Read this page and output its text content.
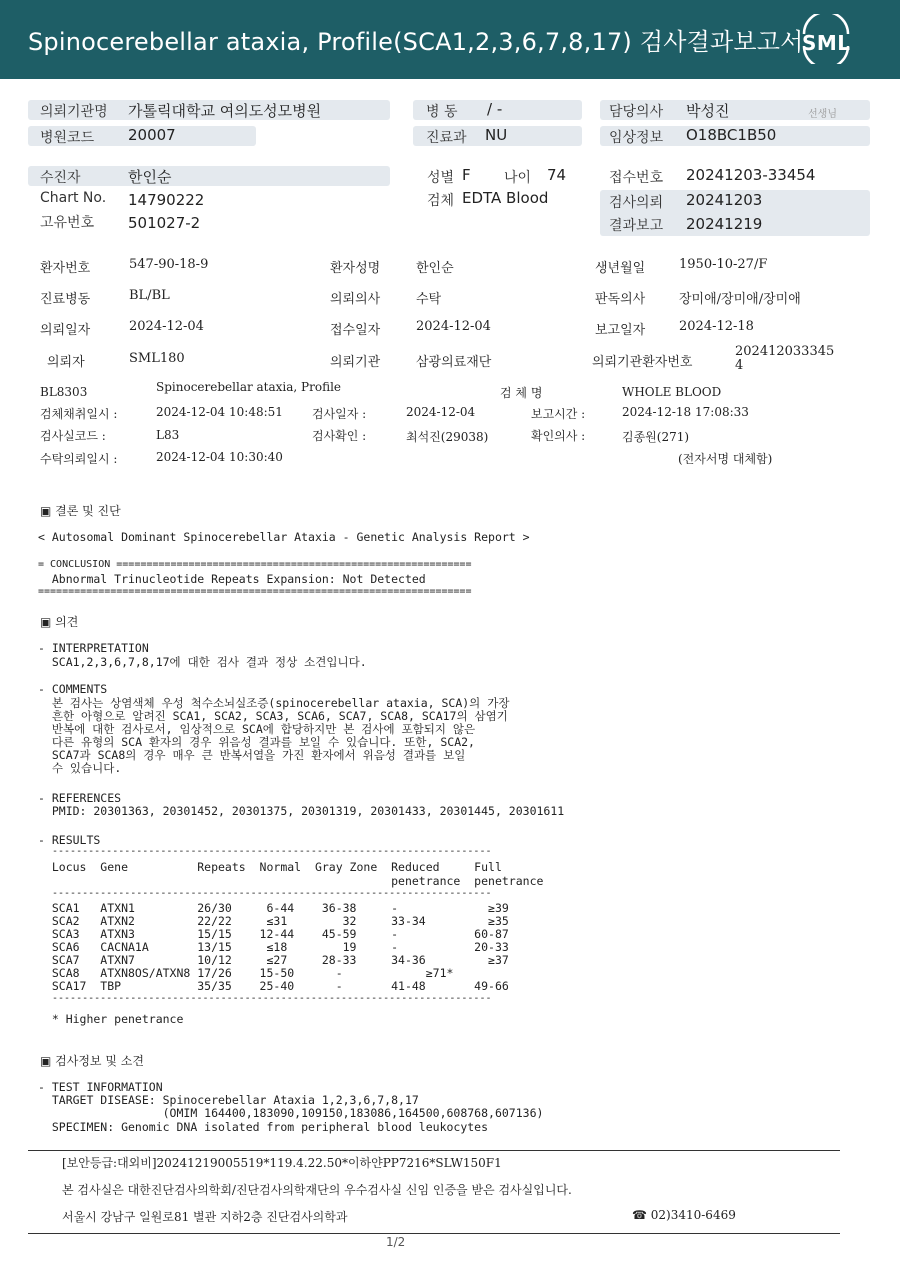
Spinocerebellar ataxia, Profile(SCA1,2,3,6,7,8,17) 검사결과보고서
SML
의뢰기관명 가톨릭대학교 여의도성모병원	병 동 / -	담당의사 박성진	선생님
병원코드 20007	진료과 NU	임상정보 O18BC1B50
수진자	한인순	성별 F 나이 74	접수번호 20241203-33454
Chart No. 14790222	검체 EDTA Blood	검사의뢰 20241203
고유번호 501027-2	결과보고 20241219
환자번호	547-90-18-9	환자성명	한인순	생년월일	1950-10-27/F
진료병동	BL/BL	의뢰의사	수탁	판독의사	장미애/장미애/장미애
의뢰일자	2024-12-04	접수일자	2024-12-04	보고일자	2024-12-18
의뢰자	SML180	의뢰기관	삼광의료재단	의뢰기관환자번호
202412033345
4
BL8303	Spinocerebellar ataxia, Profile	검 체 명	WHOLE BLOOD
검체채취일시 :	2024-12-04 10:48:51 검사일자 :	2024-12-04	보고시간 :	2024-12-18 17:08:33
검사실코드 :	L83	검사확인 :	최석진(29038)	확인의사 :	김종원(271)
수탁의뢰일시 :	2024-12-04 10:30:40	(전자서명 대체함)
▣ 결론 및 진단
< Autosomal Dominant Spinocerebellar Ataxia - Genetic Analysis Report >
= CONCLUSION ===========================================================
Abnormal Trinucleotide Repeats Expansion: Not Detected
========================================================================
▣ 의견
- INTERPRETATION
SCA1,2,3,6,7,8,17에 대한 검사 결과 정상 소견입니다.
- COMMENTS
본 검사는 상염색체 우성 척수소뇌실조증(spinocerebellar ataxia, SCA)의 가장
흔한 아형으로 알려진 SCA1, SCA2, SCA3, SCA6, SCA7, SCA8, SCA17의 삼염기
반복에 대한 검사로서, 임상적으로 SCA에 합당하지만 본 검사에 포함되지 않은
다른 유형의 SCA 환자의 경우 위음성 결과를 보일 수 있습니다. 또한, SCA2,
SCA7과 SCA8의 경우 매우 큰 반복서열을 가진 환자에서 위음성 결과를 보일
수 있습니다.
- REFERENCES
PMID: 20301363, 20301452, 20301375, 20301319, 20301433, 20301445, 20301611
- RESULTS
-------------------------------------------------------------------------
Locus  Gene          Repeats  Normal  Gray Zone  Reduced     Full
penetrance  penetrance
-------------------------------------------------------------------------
SCA1   ATXN1         26/30     6-44    36-38     -             ≥39
SCA2   ATXN2         22/22     ≤31        32     33-34         ≥35
SCA3   ATXN3         15/15    12-44    45-59     -           60-87
SCA6   CACNA1A       13/15     ≤18        19     -           20-33
SCA7   ATXN7         10/12     ≤27     28-33     34-36         ≥37
SCA8   ATXN8OS/ATXN8 17/26    15-50      -            ≥71*
SCA17  TBP           35/35    25-40      -       41-48       49-66
-------------------------------------------------------------------------
* Higher penetrance
▣ 검사정보 및 소견
- TEST INFORMATION
TARGET DISEASE: Spinocerebellar Ataxia 1,2,3,6,7,8,17
(OMIM 164400,183090,109150,183086,164500,608768,607136)
SPECIMEN: Genomic DNA isolated from peripheral blood leukocytes
[보안등급:대외비]20241219005519*119.4.22.50*이하얀PP7216*SLW150F1
본 검사실은 대한진단검사의학회/진단검사의학재단의 우수검사실 신임 인증을 받은 검사실입니다.
서울시 강남구 일원로81 별관 지하2층 진단검사의학과	☎ 02)3410-6469
1/2
